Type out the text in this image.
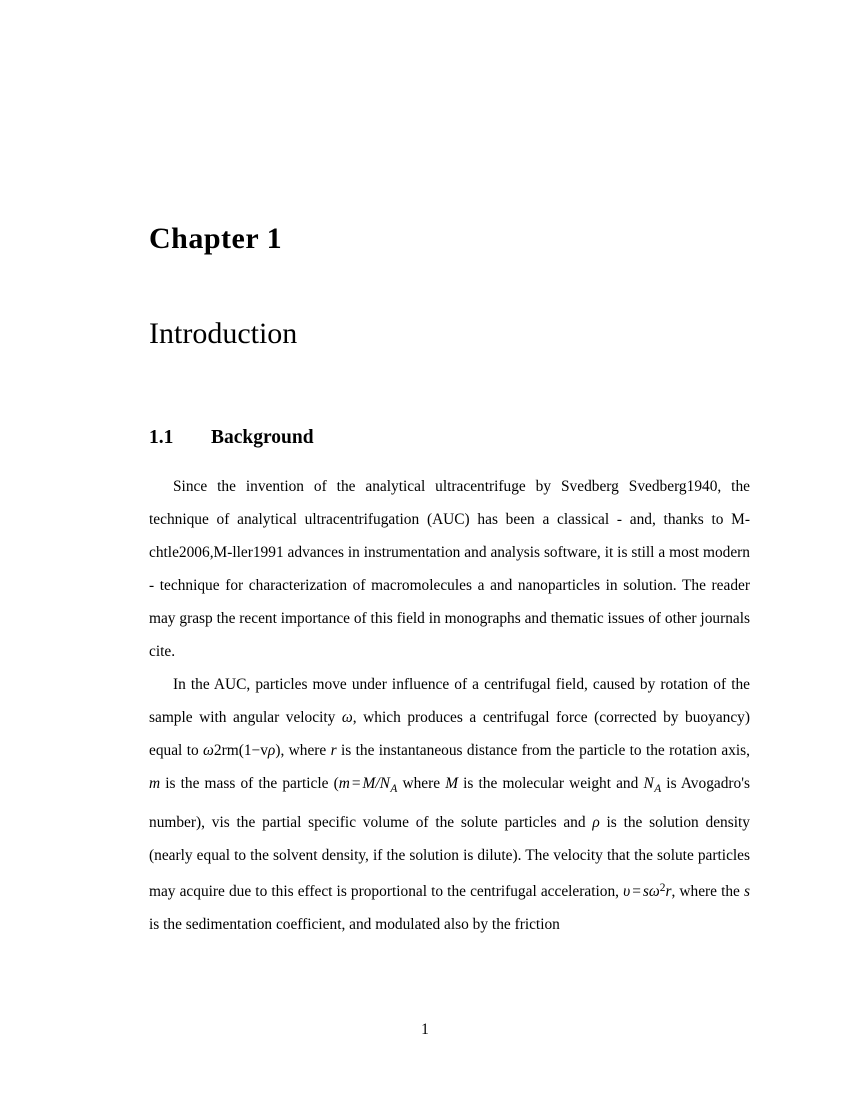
Chapter 1
Introduction
1.1 Background

Since the invention of the analytical ultracentrifuge by Svedberg Svedberg1940, the technique of analytical ultracentrifugation (AUC) has been a classical - and, thanks to M-chtle2006,M-ller1991 advances in instrumentation and analysis software, it is still a most modern - technique for characterization of macromolecules a and nanoparticles in solution. The reader may grasp the recent importance of this field in monographs and thematic issues of other journals cite.

In the AUC, particles move under influence of a centrifugal field, caused by rotation of the sample with angular velocity ω, which produces a centrifugal force (corrected by buoyancy) equal to ω2rm(1−vρ), where r is the instantaneous distance from the particle to the rotation axis, m is the mass of the particle ($m = M/N_A$ where M is the molecular weight and $N_A$ is Avogadro's number), vis the partial specific volume of the solute particles and ρ is the solution density (nearly equal to the solvent density, if the solution is dilute). The velocity that the solute particles may acquire due to this effect is proportional to the centrifugal acceleration, $\upsilon = s\omega^2r$, where the s is the sedimentation coefficient, and modulated also by the friction

1
